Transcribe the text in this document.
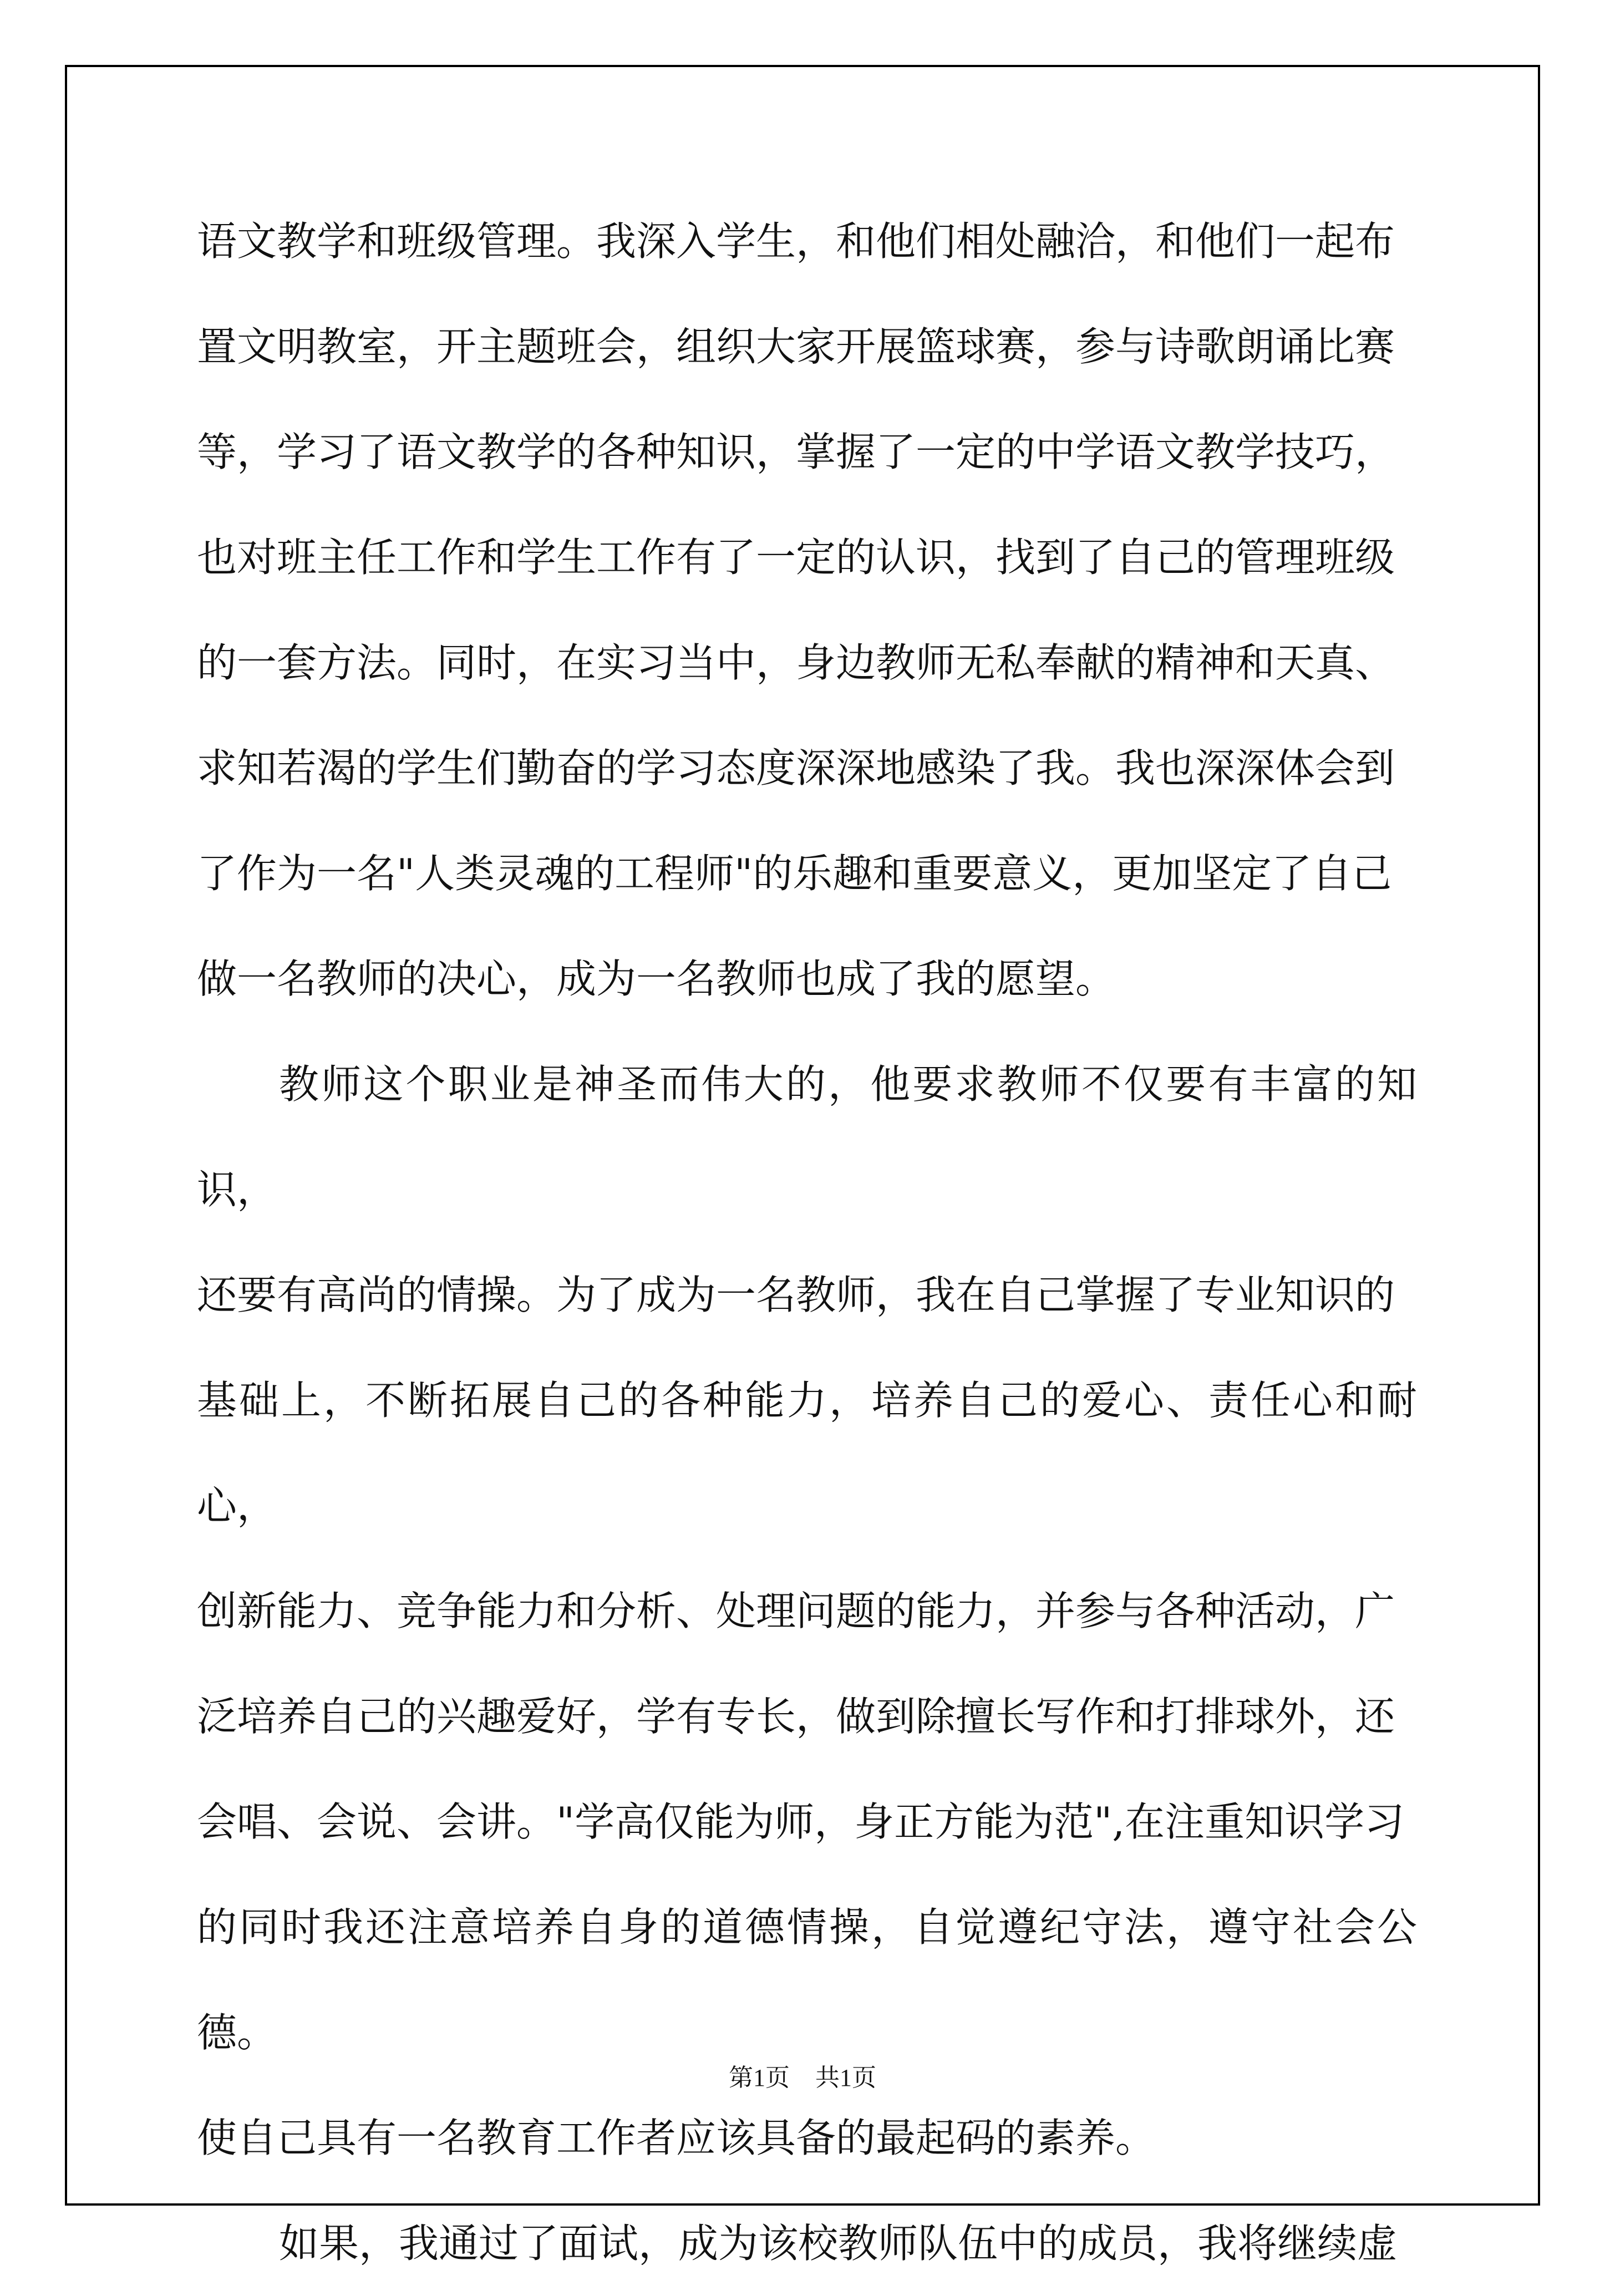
语文教学和班级管理。我深入学生，和他们相处融洽，和他们一起布
置文明教室，开主题班会，组织大家开展篮球赛，参与诗歌朗诵比赛
等，学习了语文教学的各种知识，掌握了一定的中学语文教学技巧，
也对班主任工作和学生工作有了一定的认识，找到了自己的管理班级
的一套方法。同时，在实习当中，身边教师无私奉献的精神和天真、
求知若渴的学生们勤奋的学习态度深深地感染了我。我也深深体会到
了作为一名"人类灵魂的工程师"的乐趣和重要意义，更加坚定了自己
做一名教师的决心，成为一名教师也成了我的愿望。

教师这个职业是神圣而伟大的，他要求教师不仅要有丰富的知识，
还要有高尚的情操。为了成为一名教师，我在自己掌握了专业知识的
基础上，不断拓展自己的各种能力，培养自己的爱心、责任心和耐心，
创新能力、竞争能力和分析、处理问题的能力，并参与各种活动，广
泛培养自己的兴趣爱好，学有专长，做到除擅长写作和打排球外，还
会唱、会说、会讲。"学高仅能为师，身正方能为范",在注重知识学习
的同时我还注意培养自身的道德情操，自觉遵纪守法，遵守社会公德。
使自己具有一名教育工作者应该具备的最起码的素养。

如果，我通过了面试，成为该校教师队伍中的成员，我将继续虚

第1页 共1页
